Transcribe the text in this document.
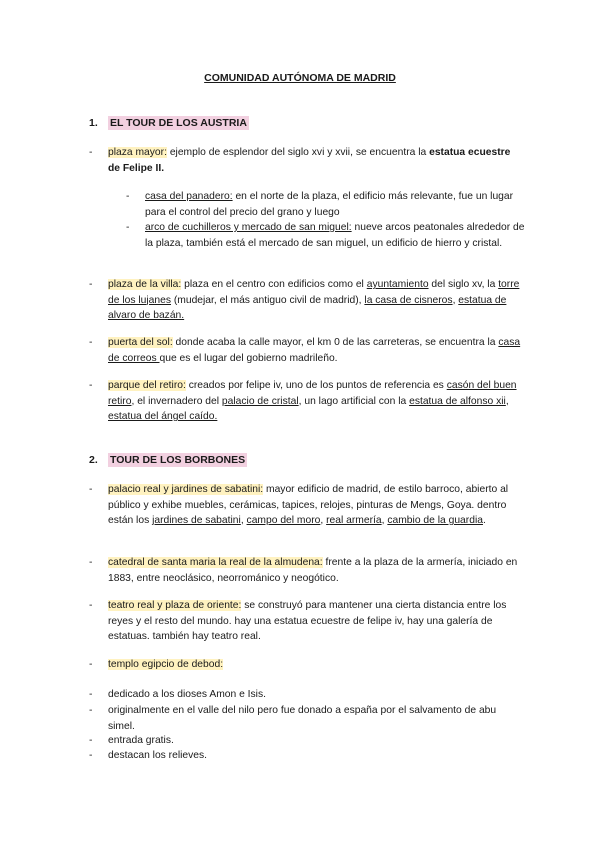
COMUNIDAD AUTÓNOMA DE MADRID
1. EL TOUR DE LOS AUSTRIA
- plaza mayor: ejemplo de esplendor del siglo xvi y xvii, se encuentra la estatua ecuestre de Felipe II.
- casa del panadero: en el norte de la plaza, el edificio más relevante, fue un lugar para el control del precio del grano y luego
- arco de cuchilleros y mercado de san miguel: nueve arcos peatonales alrededor de la plaza, también está el mercado de san miguel, un edificio de hierro y cristal.
- plaza de la villa: plaza en el centro con edificios como el ayuntamiento del siglo xv, la torre de los lujanes (mudejar, el más antiguo civil de madrid), la casa de cisneros, estatua de alvaro de bazán.
- puerta del sol: donde acaba la calle mayor, el km 0 de las carreteras, se encuentra la casa de correos que es el lugar del gobierno madrileño.
- parque del retiro: creados por felipe iv, uno de los puntos de referencia es casón del buen retiro, el invernadero del palacio de cristal, un lago artificial con la estatua de alfonso xii, estatua del ángel caído.
2. TOUR DE LOS BORBONES
- palacio real y jardines de sabatini: mayor edificio de madrid, de estilo barroco, abierto al público y exhibe muebles, cerámicas, tapices, relojes, pinturas de Mengs, Goya. dentro están los jardines de sabatini, campo del moro, real armería, cambio de la guardia.
- catedral de santa maria la real de la almudena: frente a la plaza de la armería, iniciado en 1883, entre neoclásico, neorrománico y neogótico.
- teatro real y plaza de oriente: se construyó para mantener una cierta distancia entre los reyes y el resto del mundo. hay una estatua ecuestre de felipe iv, hay una galería de estatuas. también hay teatro real.
- templo egipcio de debod:
- dedicado a los dioses Amon e Isis.
- originalmente en el valle del nilo pero fue donado a españa por el salvamento de abu simel.
- entrada gratis.
- destacan los relieves.
